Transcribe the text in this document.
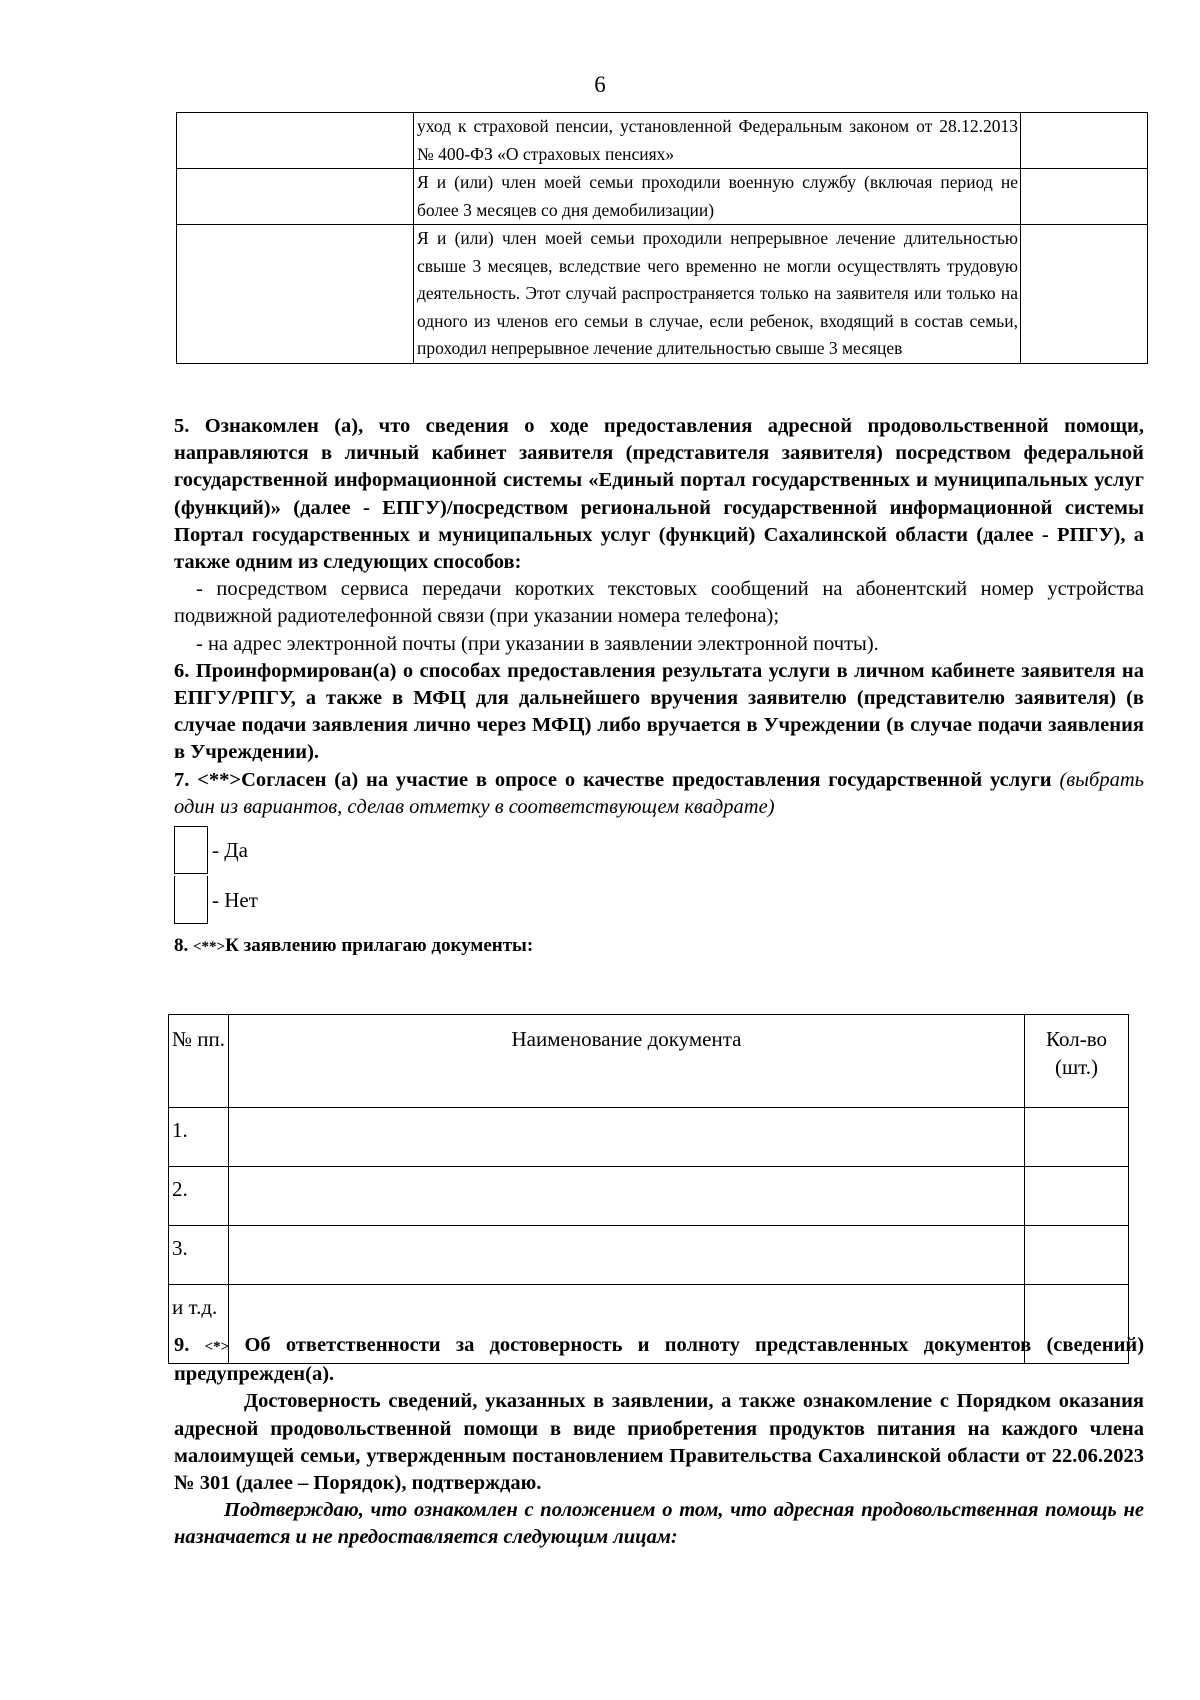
6

	уход к страховой пенсии, установленной Федеральным законом от 28.12.2013 № 400-ФЗ «О страховых пенсиях»	

	Я и (или) член моей семьи проходили военную службу (включая период не более 3 месяцев со дня демобилизации)	

	Я и (или) член моей семьи проходили непрерывное лечение длительностью свыше 3 месяцев, вследствие чего временно не могли осуществлять трудовую деятельность. Этот случай распространяется только на заявителя или только на одного из членов его семьи в случае, если ребенок, входящий в состав семьи, проходил непрерывное лечение длительностью свыше 3 месяцев	

5. Ознакомлен (а), что сведения о ходе предоставления адресной продовольственной помощи, направляются в личный кабинет заявителя (представителя заявителя) посредством федеральной государственной информационной системы «Единый портал государственных и муниципальных услуг (функций)» (далее - ЕПГУ)/посредством региональной государственной информационной системы Портал государственных и муниципальных услуг (функций) Сахалинской области (далее - РПГУ), а также одним из следующих способов:

- посредством сервиса передачи коротких текстовых сообщений на абонентский номер устройства подвижной радиотелефонной связи (при указании номера телефона);

- на адрес электронной почты (при указании в заявлении электронной почты).

6. Проинформирован(а) о способах предоставления результата услуги в личном кабинете заявителя на ЕПГУ/РПГУ, а также в МФЦ для дальнейшего вручения заявителю (представителю заявителя) (в случае подачи заявления лично через МФЦ) либо вручается в Учреждении (в случае подачи заявления в Учреждении).

7. <**>Согласен (а) на участие в опросе о качестве предоставления государственной услуги (выбрать один из вариантов, сделав отметку в соответствующем квадрате)

- Да
- Нет

8. <**>К заявлению прилагаю документы:

№ пп.	Наименование документа	Кол-во (шт.)
1.		
2.		
3.		
и т.д.		

9. <*> Об ответственности за достоверность и полноту представленных документов (сведений) предупрежден(а).

Достоверность сведений, указанных в заявлении, а также ознакомление с Порядком оказания адресной продовольственной помощи в виде приобретения продуктов питания на каждого члена малоимущей семьи, утвержденным постановлением Правительства Сахалинской области от 22.06.2023 № 301 (далее – Порядок), подтверждаю.

Подтверждаю, что ознакомлен с положением о том, что адресная продовольственная помощь не назначается и не предоставляется следующим лицам:
